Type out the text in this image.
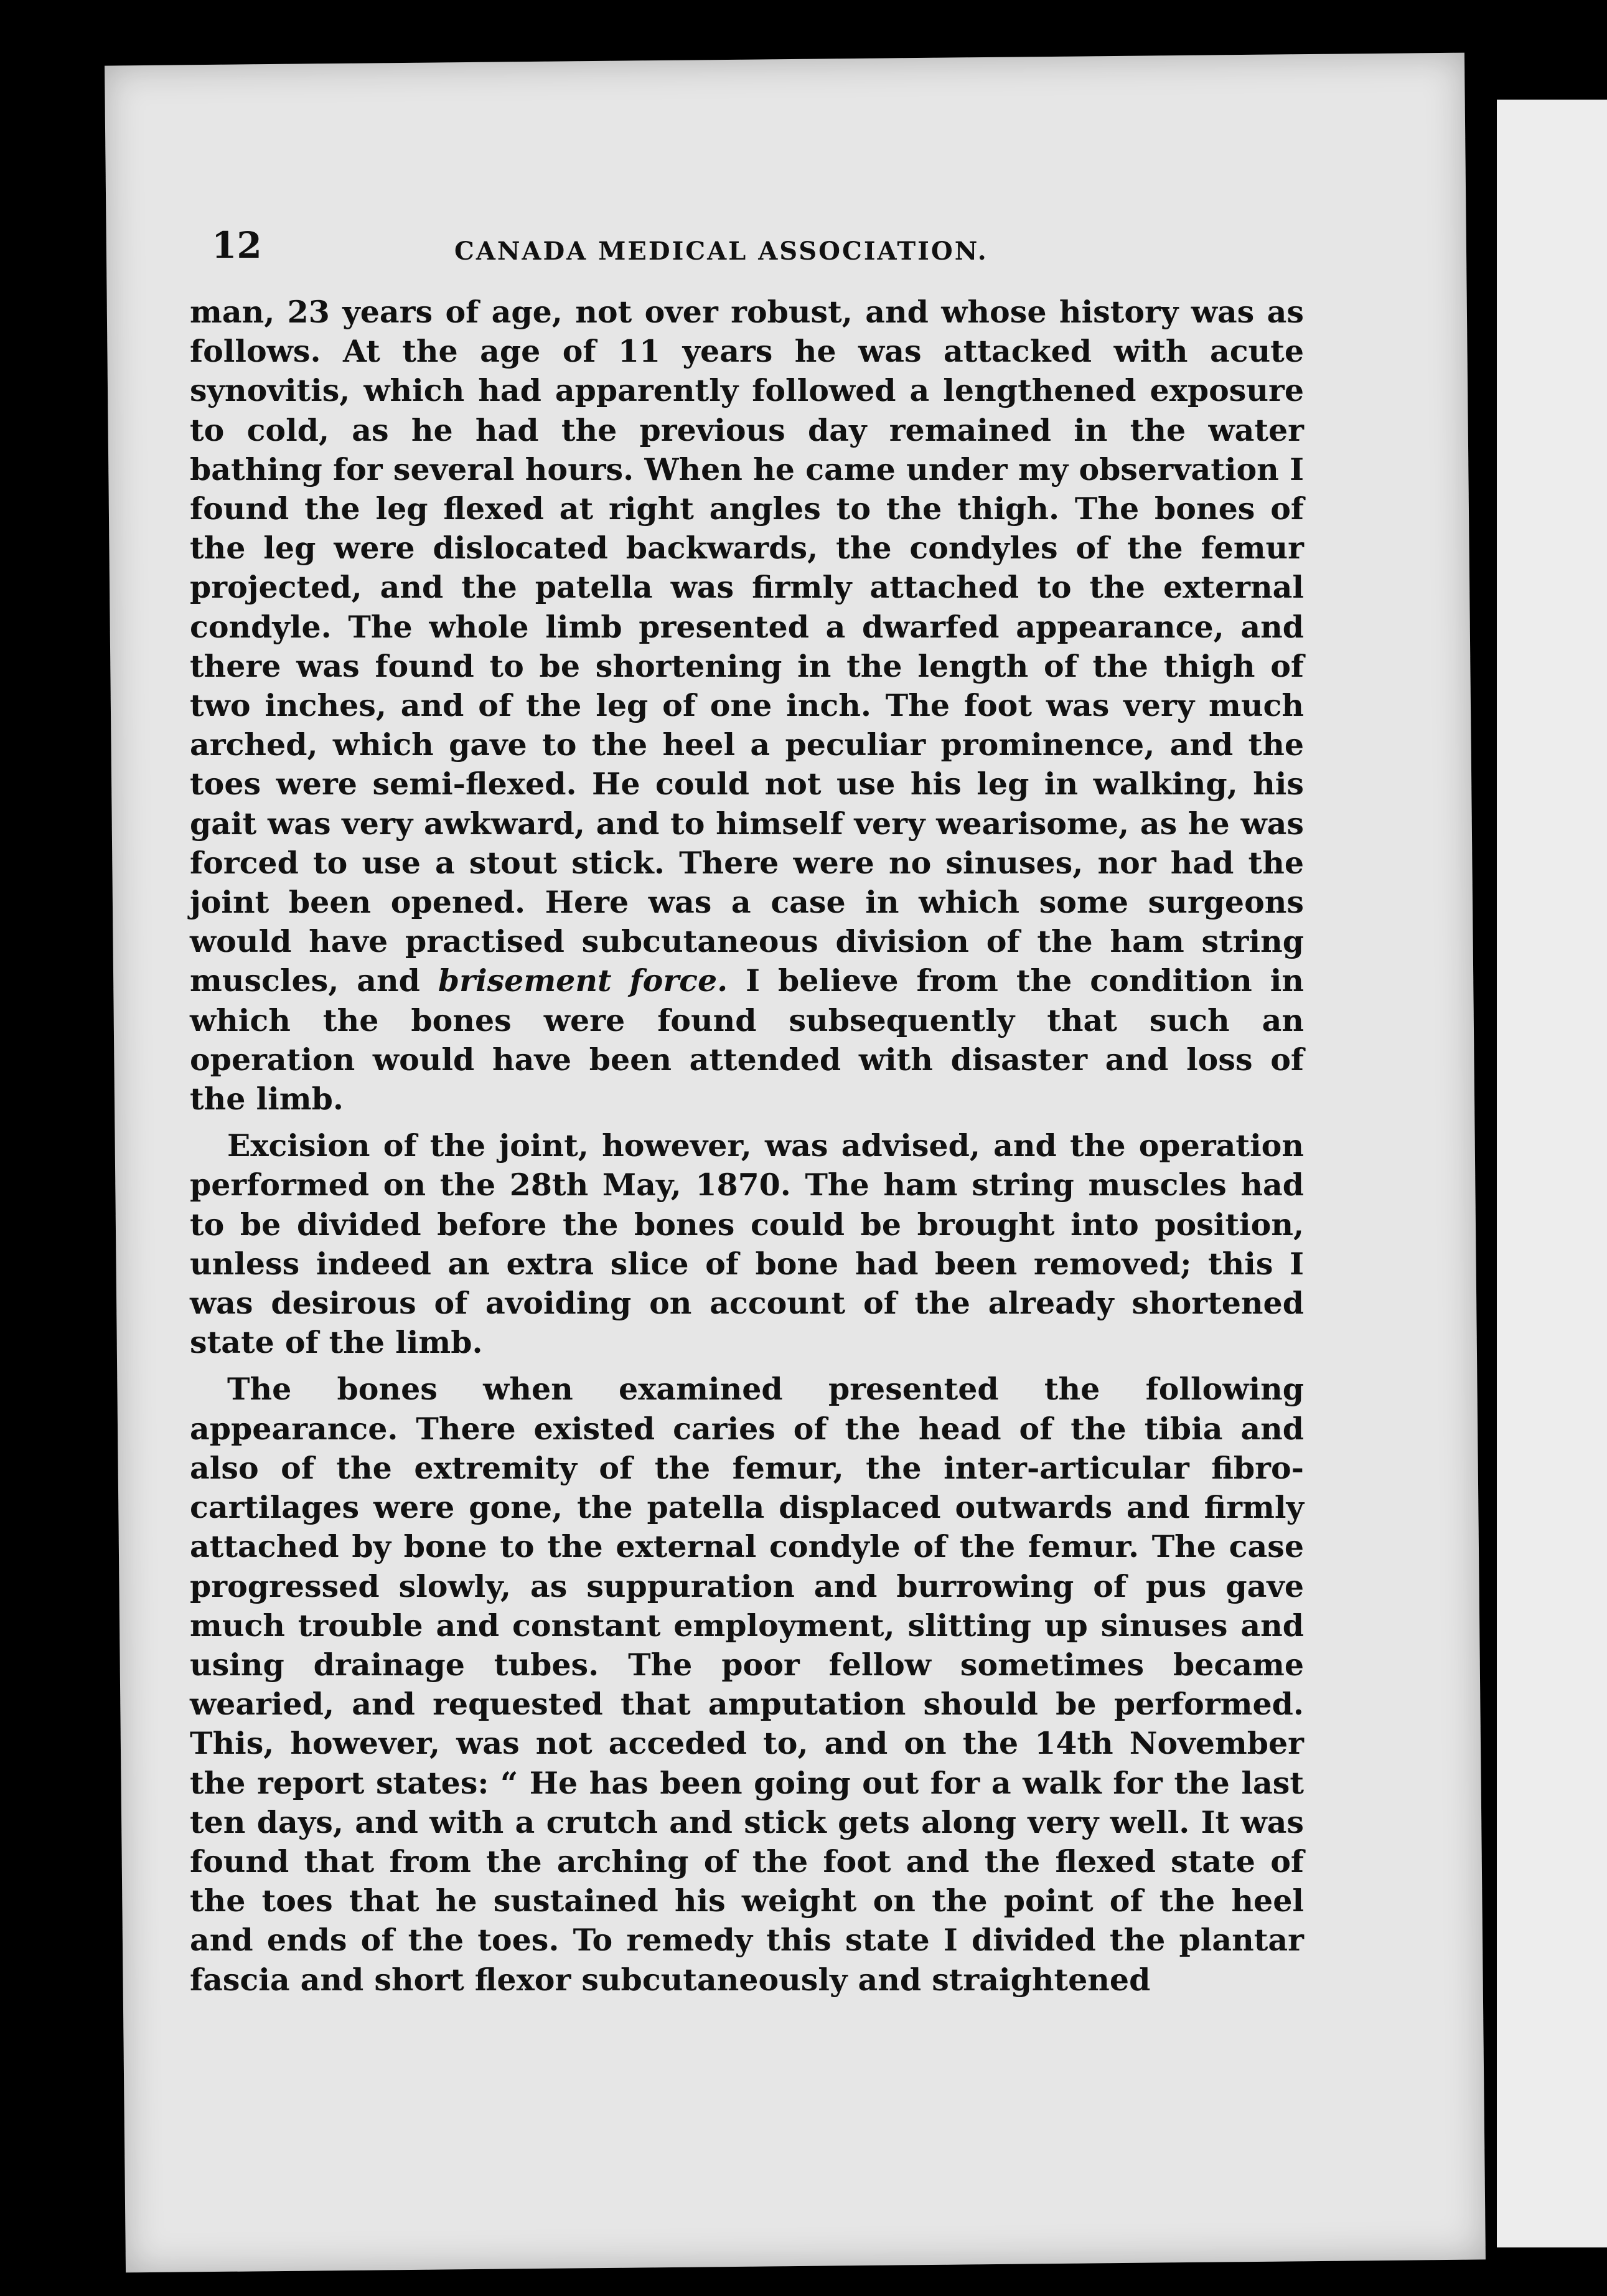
12	CANADA MEDICAL ASSOCIATION.

man, 23 years of age, not over robust, and whose history was as follows. At the age of 11 years he was attacked with acute synovitis, which had apparently followed a lengthened exposure to cold, as he had the previous day remained in the water bathing for several hours. When he came under my observation I found the leg flexed at right angles to the thigh. The bones of the leg were dislocated backwards, the condyles of the femur projected, and the patella was firmly attached to the external condyle. The whole limb presented a dwarfed appearance, and there was found to be shortening in the length of the thigh of two inches, and of the leg of one inch. The foot was very much arched, which gave to the heel a peculiar prominence, and the toes were semi-flexed. He could not use his leg in walking, his gait was very awkward, and to himself very wearisome, as he was forced to use a stout stick. There were no sinuses, nor had the joint been opened. Here was a case in which some surgeons would have practised subcutaneous division of the ham string muscles, and brisement force. I believe from the condition in which the bones were found subsequently that such an operation would have been attended with disaster and loss of the limb.

Excision of the joint, however, was advised, and the operation performed on the 28th May, 1870. The ham string muscles had to be divided before the bones could be brought into position, unless indeed an extra slice of bone had been removed; this I was desirous of avoiding on account of the already shortened state of the limb.

The bones when examined presented the following appearance. There existed caries of the head of the tibia and also of the extremity of the femur, the inter-articular fibro-cartilages were gone, the patella displaced outwards and firmly attached by bone to the external condyle of the femur. The case progressed slowly, as suppuration and burrowing of pus gave much trouble and constant employment, slitting up sinuses and using drainage tubes. The poor fellow sometimes became wearied, and requested that amputation should be performed. This, however, was not acceded to, and on the 14th November the report states: “ He has been going out for a walk for the last ten days, and with a crutch and stick gets along very well. It was found that from the arching of the foot and the flexed state of the toes that he sustained his weight on the point of the heel and ends of the toes. To remedy this state I divided the plantar fascia and short flexor subcutaneously and straightened
